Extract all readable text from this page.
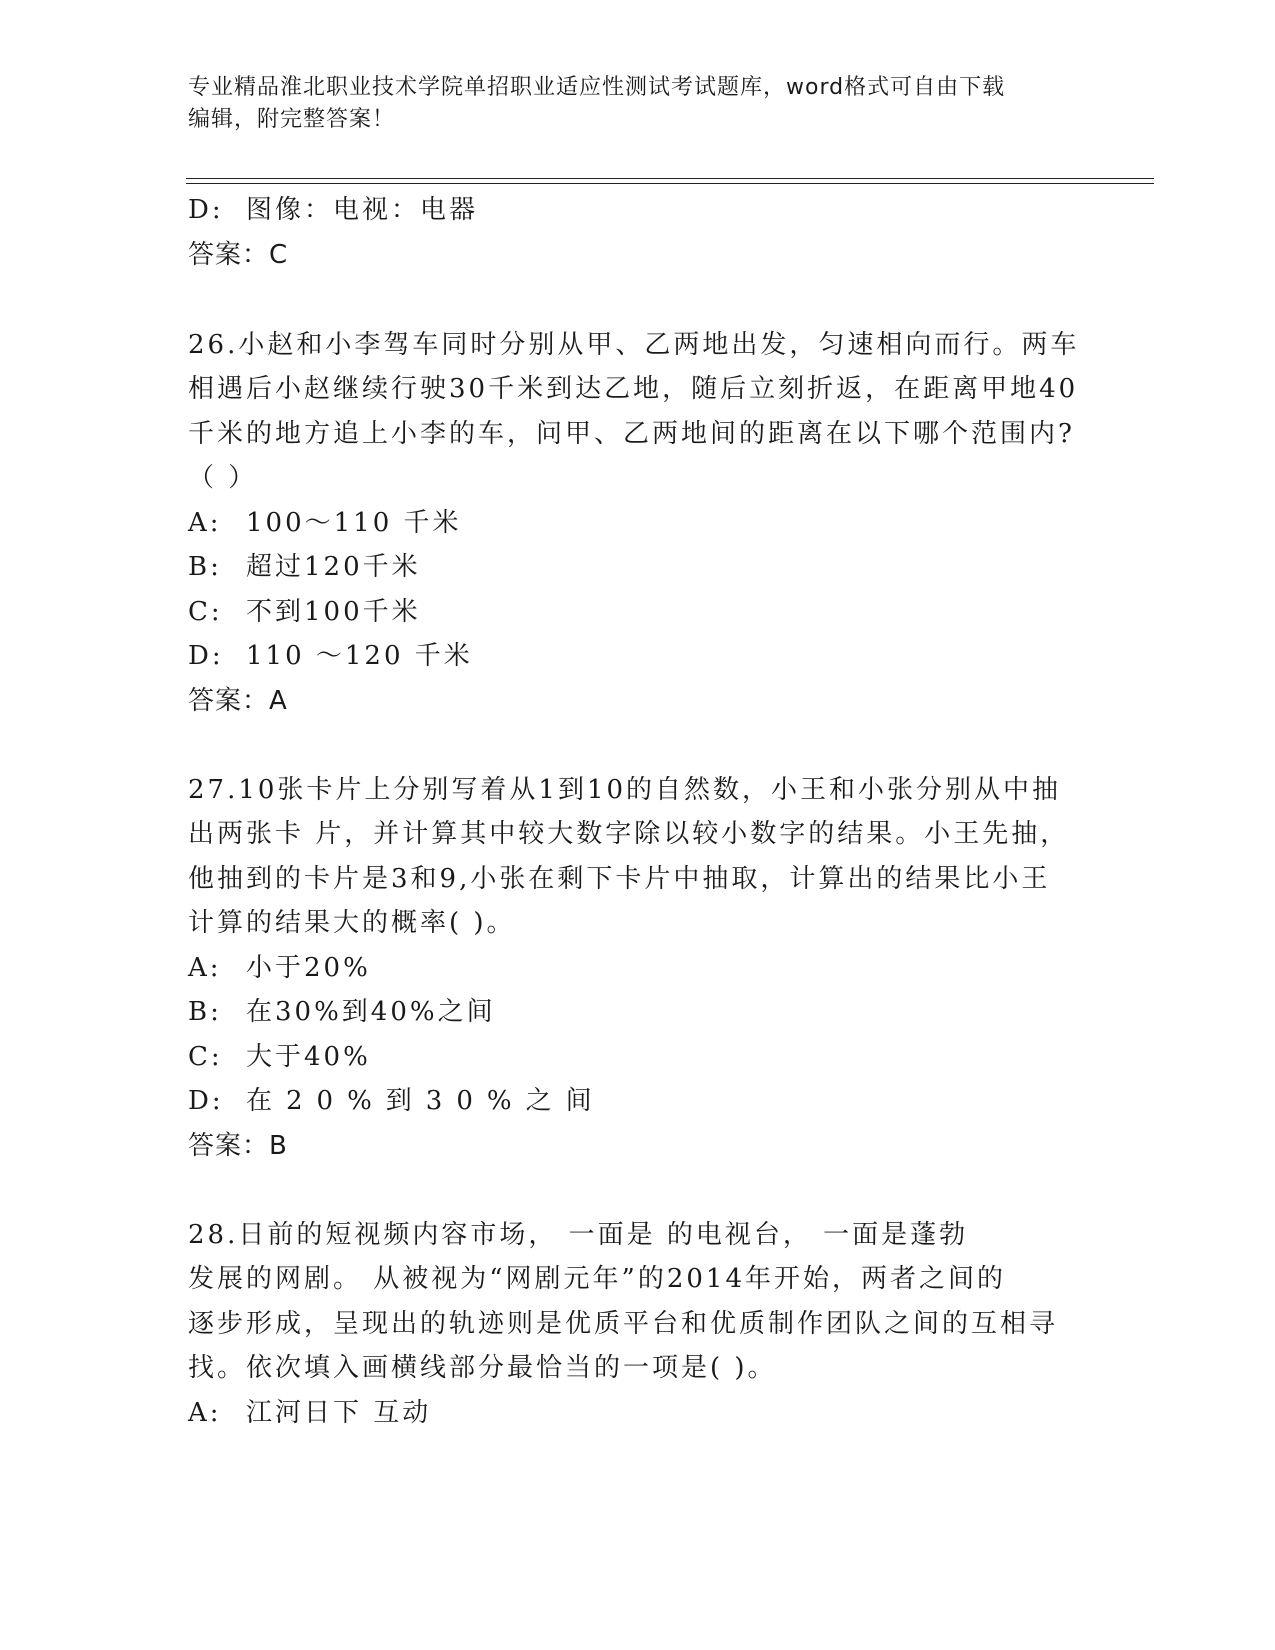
专业精品淮北职业技术学院单招职业适应性测试考试题库，word格式可自由下载
编辑，附完整答案！
D: 图像：电视：电器
答案：C
26.小赵和小李驾车同时分别从甲、乙两地出发，匀速相向而行。两车
相遇后小赵继续行驶30千米到达乙地，随后立刻折返，在距离甲地40
千米的地方追上小李的车，问甲、乙两地间的距离在以下哪个范围内?
（ ）
A: 100～110 千米
B: 超过120千米
C: 不到100千米
D: 110 ～120 千米
答案：A
27.10张卡片上分别写着从1到10的自然数，小王和小张分别从中抽
出两张卡 片，并计算其中较大数字除以较小数字的结果。小王先抽，
他抽到的卡片是3和9,小张在剩下卡片中抽取，计算出的结果比小王
计算的结果大的概率( )。
A: 小于20%
B: 在30%到40%之间
C: 大于40%
D: 在20%到30%之间
答案：B
28.日前的短视频内容市场， 一面是 的电视台， 一面是蓬勃
发展的网剧。 从被视为“网剧元年”的2014年开始，两者之间的
逐步形成，呈现出的轨迹则是优质平台和优质制作团队之间的互相寻
找。依次填入画横线部分最恰当的一项是( )。
A: 江河日下 互动
